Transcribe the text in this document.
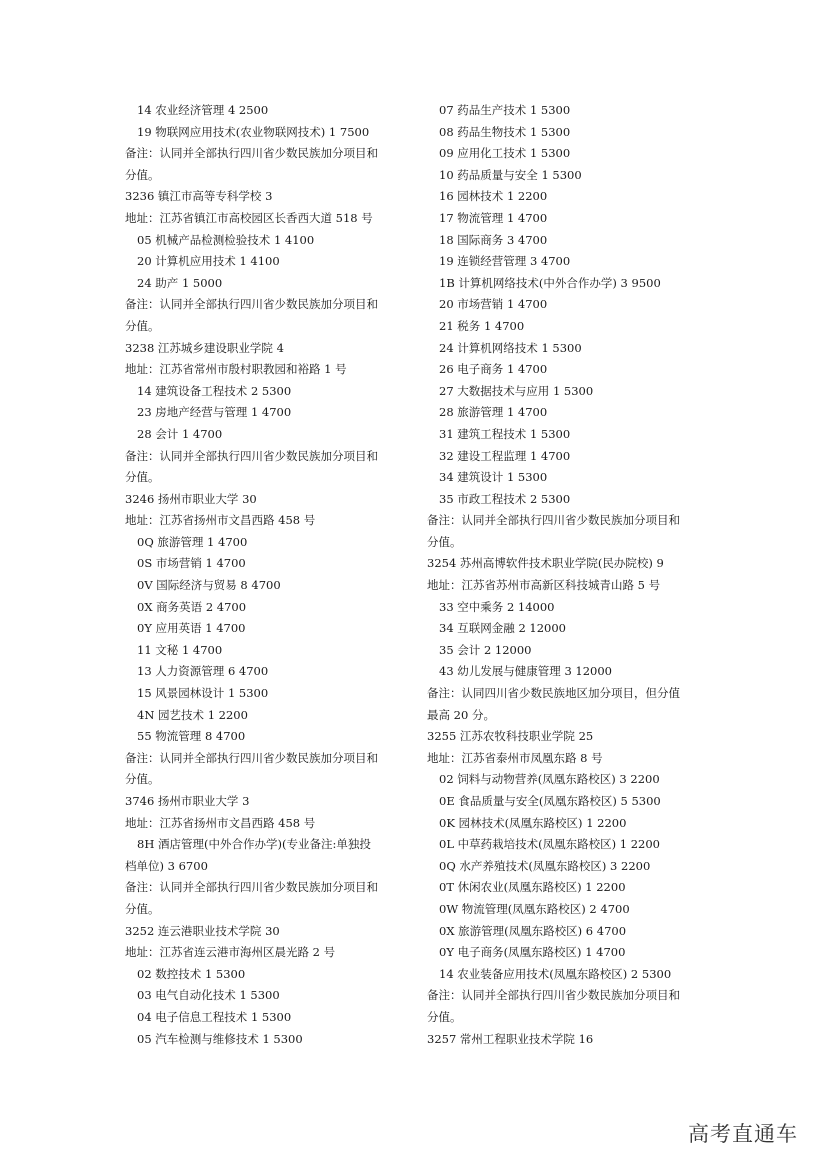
14 农业经济管理 4 2500
19 物联网应用技术(农业物联网技术) 1 7500
备注：认同并全部执行四川省少数民族加分项目和
分值。
3236 镇江市高等专科学校 3
地址：江苏省镇江市高校园区长香西大道 518 号
05 机械产品检测检验技术 1 4100
20 计算机应用技术 1 4100
24 助产 1 5000
备注：认同并全部执行四川省少数民族加分项目和
分值。
3238 江苏城乡建设职业学院 4
地址：江苏省常州市殷村职教园和裕路 1 号
14 建筑设备工程技术 2 5300
23 房地产经营与管理 1 4700
28 会计 1 4700
备注：认同并全部执行四川省少数民族加分项目和
分值。
3246 扬州市职业大学 30
地址：江苏省扬州市文昌西路 458 号
0Q 旅游管理 1 4700
0S 市场营销 1 4700
0V 国际经济与贸易 8 4700
0X 商务英语 2 4700
0Y 应用英语 1 4700
11 文秘 1 4700
13 人力资源管理 6 4700
15 风景园林设计 1 5300
4N 园艺技术 1 2200
55 物流管理 8 4700
备注：认同并全部执行四川省少数民族加分项目和
分值。
3746 扬州市职业大学 3
地址：江苏省扬州市文昌西路 458 号
8H 酒店管理(中外合作办学)(专业备注:单独投
档单位) 3 6700
备注：认同并全部执行四川省少数民族加分项目和
分值。
3252 连云港职业技术学院 30
地址：江苏省连云港市海州区晨光路 2 号
02 数控技术 1 5300
03 电气自动化技术 1 5300
04 电子信息工程技术 1 5300
05 汽车检测与维修技术 1 5300
07 药品生产技术 1 5300
08 药品生物技术 1 5300
09 应用化工技术 1 5300
10 药品质量与安全 1 5300
16 园林技术 1 2200
17 物流管理 1 4700
18 国际商务 3 4700
19 连锁经营管理 3 4700
1B 计算机网络技术(中外合作办学) 3 9500
20 市场营销 1 4700
21 税务 1 4700
24 计算机网络技术 1 5300
26 电子商务 1 4700
27 大数据技术与应用 1 5300
28 旅游管理 1 4700
31 建筑工程技术 1 5300
32 建设工程监理 1 4700
34 建筑设计 1 5300
35 市政工程技术 2 5300
备注：认同并全部执行四川省少数民族加分项目和
分值。
3254 苏州高博软件技术职业学院(民办院校) 9
地址：江苏省苏州市高新区科技城青山路 5 号
33 空中乘务 2 14000
34 互联网金融 2 12000
35 会计 2 12000
43 幼儿发展与健康管理 3 12000
备注：认同四川省少数民族地区加分项目，但分值
最高 20 分。
3255 江苏农牧科技职业学院 25
地址：江苏省泰州市凤凰东路 8 号
02 饲料与动物营养(凤凰东路校区) 3 2200
0E 食品质量与安全(凤凰东路校区) 5 5300
0K 园林技术(凤凰东路校区) 1 2200
0L 中草药栽培技术(凤凰东路校区) 1 2200
0Q 水产养殖技术(凤凰东路校区) 3 2200
0T 休闲农业(凤凰东路校区) 1 2200
0W 物流管理(凤凰东路校区) 2 4700
0X 旅游管理(凤凰东路校区) 6 4700
0Y 电子商务(凤凰东路校区) 1 4700
14 农业装备应用技术(凤凰东路校区) 2 5300
备注：认同并全部执行四川省少数民族加分项目和
分值。
3257 常州工程职业技术学院 16
高考直通车
